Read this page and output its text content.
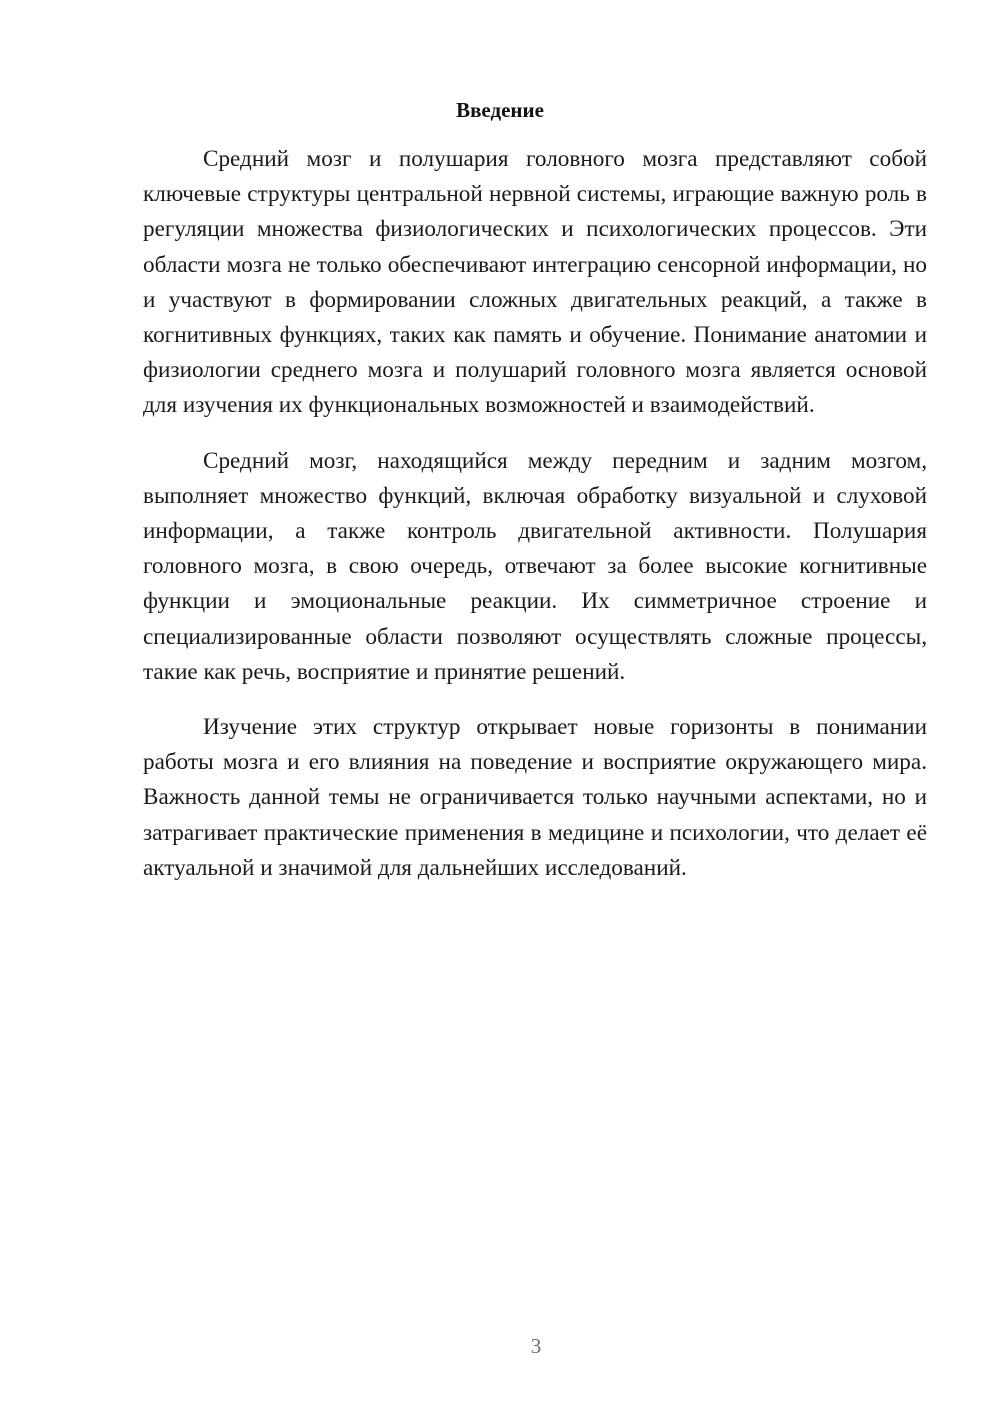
Введение

Средний мозг и полушария головного мозга представляют собой ключевые структуры центральной нервной системы, играющие важную роль в регуляции множества физиологических и психологических процессов. Эти области мозга не только обеспечивают интеграцию сенсорной информации, но и участвуют в формировании сложных двигательных реакций, а также в когнитивных функциях, таких как память и обучение. Понимание анатомии и физиологии среднего мозга и полушарий головного мозга является основой для изучения их функциональных возможностей и взаимодействий.

Средний мозг, находящийся между передним и задним мозгом, выполняет множество функций, включая обработку визуальной и слуховой информации, а также контроль двигательной активности. Полушария головного мозга, в свою очередь, отвечают за более высокие когнитивные функции и эмоциональные реакции. Их симметричное строение и специализированные области позволяют осуществлять сложные процессы, такие как речь, восприятие и принятие решений.

Изучение этих структур открывает новые горизонты в понимании работы мозга и его влияния на поведение и восприятие окружающего мира. Важность данной темы не ограничивается только научными аспектами, но и затрагивает практические применения в медицине и психологии, что делает её актуальной и значимой для дальнейших исследований.

3
